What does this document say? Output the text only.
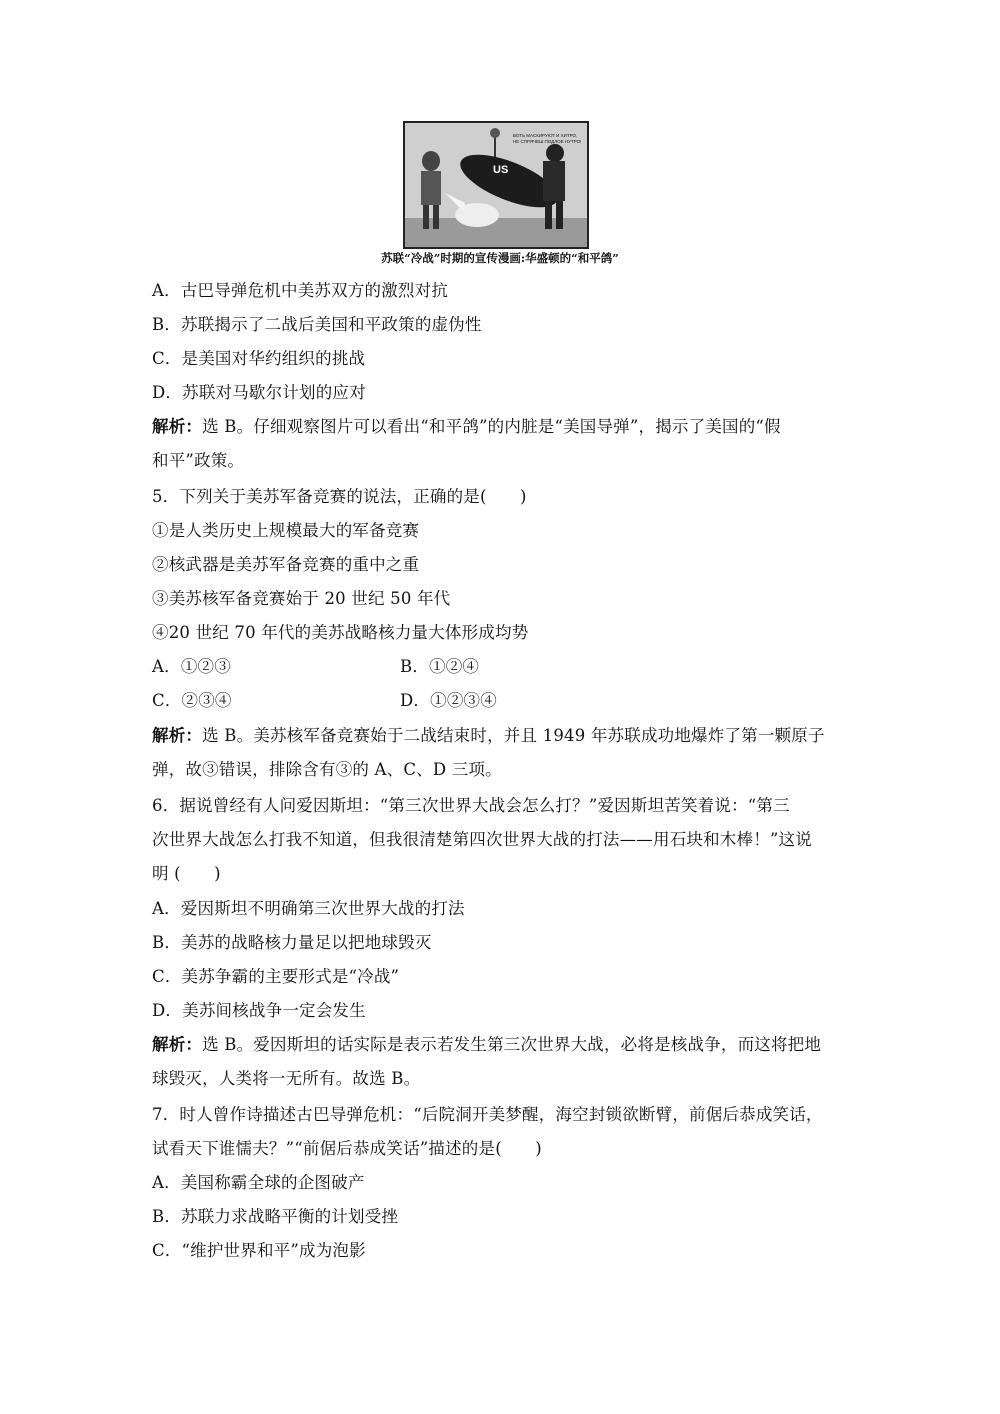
US
ВОТЬ МАСКИРУЮТ И ХИТРО,
НЕ СПРЯЧЕШ ПОДЛОЕ НУТРО!
苏联“冷战”时期的宣传漫画:华盛顿的“和平鸽”
A．古巴导弹危机中美苏双方的激烈对抗
B．苏联揭示了二战后美国和平政策的虚伪性
C．是美国对华约组织的挑战
D．苏联对马歇尔计划的应对
解析：选 B。仔细观察图片可以看出“和平鸽”的内脏是“美国导弹”，揭示了美国的“假
和平”政策。
5．下列关于美苏军备竞赛的说法，正确的是(　　)
①是人类历史上规模最大的军备竞赛
②核武器是美苏军备竞赛的重中之重
③美苏核军备竞赛始于 20 世纪 50 年代
④20 世纪 70 年代的美苏战略核力量大体形成均势
A．①②③	B．①②④
C．②③④	D．①②③④
解析：选 B。美苏核军备竞赛始于二战结束时，并且 1949 年苏联成功地爆炸了第一颗原子
弹，故③错误，排除含有③的 A、C、D 三项。
6．据说曾经有人问爱因斯坦：“第三次世界大战会怎么打？”爱因斯坦苦笑着说：“第三
次世界大战怎么打我不知道，但我很清楚第四次世界大战的打法——用石块和木棒！”这说
明 (　　)
A．爱因斯坦不明确第三次世界大战的打法
B．美苏的战略核力量足以把地球毁灭
C．美苏争霸的主要形式是“冷战”
D．美苏间核战争一定会发生
解析：选 B。爱因斯坦的话实际是表示若发生第三次世界大战，必将是核战争，而这将把地
球毁灭，人类将一无所有。故选 B。
7．时人曾作诗描述古巴导弹危机：“后院洞开美梦醒，海空封锁欲断臂，前倨后恭成笑话，
试看天下谁懦夫？”“前倨后恭成笑话”描述的是(　　)
A．美国称霸全球的企图破产
B．苏联力求战略平衡的计划受挫
C．“维护世界和平”成为泡影
